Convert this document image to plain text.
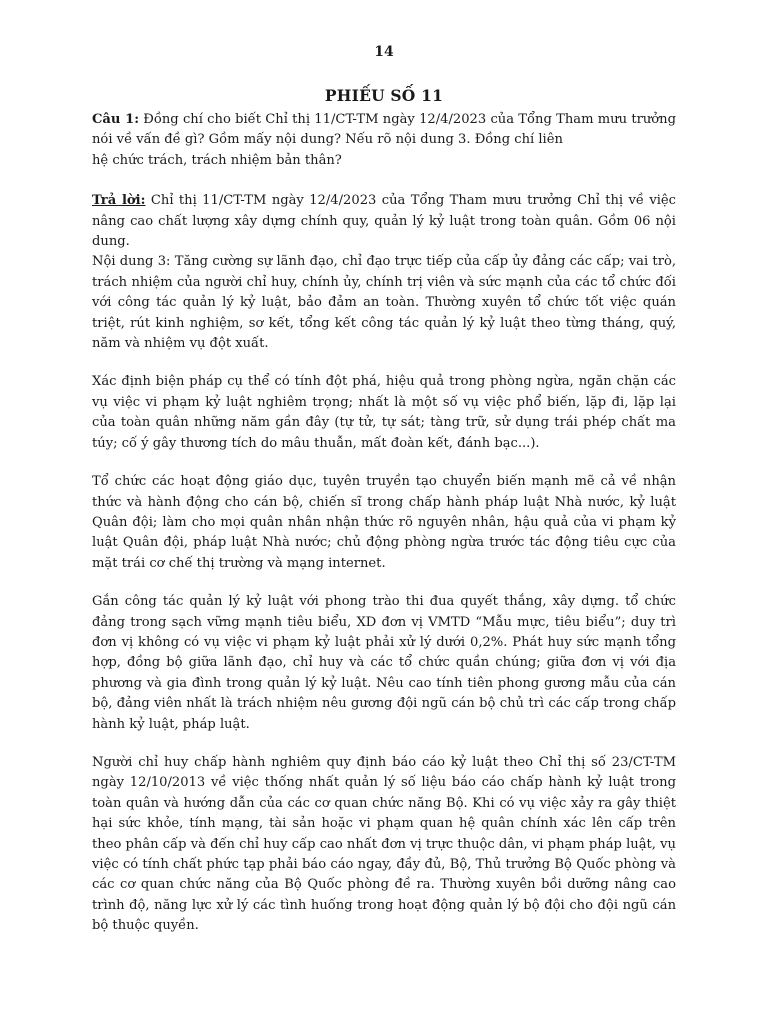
14
PHIẾU SỐ 11

Câu 1: Đồng chí cho biết Chỉ thị 11/CT-TM ngày 12/4/2023 của Tổng Tham mưu trưởng nói về vấn đề gì? Gồm mấy nội dung? Nếu rõ nội dung 3. Đồng chí liên
hệ chức trách, trách nhiệm bản thân?

Trả lời: Chỉ thị 11/CT-TM ngày 12/4/2023 của Tổng Tham mưu trưởng Chỉ thị về việc nâng cao chất lượng xây dựng chính quy, quản lý kỷ luật trong toàn quân. Gồm 06 nội dung.

Nội dung 3: Tăng cường sự lãnh đạo, chỉ đạo trực tiếp của cấp ủy đảng các cấp; vai trò, trách nhiệm của người chỉ huy, chính ủy, chính trị viên và sức mạnh của các tổ chức đối với công tác quản lý kỷ luật, bảo đảm an toàn. Thường xuyên tổ chức tốt việc quán triệt, rút kinh nghiệm, sơ kết, tổng kết công tác quản lý kỷ luật theo từng tháng, quý, năm và nhiệm vụ đột xuất.

Xác định biện pháp cụ thể có tính đột phá, hiệu quả trong phòng ngừa, ngăn chặn các vụ việc vi phạm kỷ luật nghiêm trọng; nhất là một số vụ việc phổ biến, lặp đi, lặp lại của toàn quân những năm gần đây (tự tử, tự sát; tàng trữ, sử dụng trái phép chất ma túy; cố ý gây thương tích do mâu thuẫn, mất đoàn kết, đánh bạc...).

Tổ chức các hoạt động giáo dục, tuyên truyền tạo chuyển biến mạnh mẽ cả về nhận thức và hành động cho cán bộ, chiến sĩ trong chấp hành pháp luật Nhà nước, kỷ luật Quân đội; làm cho mọi quân nhân nhận thức rõ nguyên nhân, hậu quả của vi phạm kỷ luật Quân đội, pháp luật Nhà nước; chủ động phòng ngừa trước tác động tiêu cực của mặt trái cơ chế thị trường và mạng internet.

Gắn công tác quản lý kỷ luật với phong trào thi đua quyết thắng, xây dựng. tổ chức đảng trong sạch vững mạnh tiêu biểu, XD đơn vị VMTD “Mẫu mực, tiêu biểu”; duy trì đơn vị không có vụ việc vi phạm kỷ luật phải xử lý dưới 0,2%. Phát huy sức mạnh tổng hợp, đồng bộ giữa lãnh đạo, chỉ huy và các tổ chức quần chúng; giữa đơn vị với địa phương và gia đình trong quản lý kỷ luật. Nêu cao tính tiên phong gương mẫu của cán bộ, đảng viên nhất là trách nhiệm nêu gương đội ngũ cán bộ chủ trì các cấp trong chấp hành kỷ luật, pháp luật.

Người chỉ huy chấp hành nghiêm quy định báo cáo kỷ luật theo Chỉ thị số 23/CT-TM ngày 12/10/2013 về việc thống nhất quản lý số liệu báo cáo chấp hành kỷ luật trong toàn quân và hướng dẫn của các cơ quan chức năng Bộ. Khi có vụ việc xảy ra gây thiệt hại sức khỏe, tính mạng, tài sản hoặc vi phạm quan hệ quân chính xác lên cấp trên theo phân cấp và đến chỉ huy cấp cao nhất đơn vị trực thuộc dân, vi phạm pháp luật, vụ việc có tính chất phức tạp phải báo cáo ngay, đầy đủ, Bộ, Thủ trưởng Bộ Quốc phòng và các cơ quan chức năng của Bộ Quốc phòng đề ra. Thường xuyên bồi dưỡng nâng cao trình độ, năng lực xử lý các tình huống trong hoạt động quản lý bộ đội cho đội ngũ cán bộ thuộc quyền.
